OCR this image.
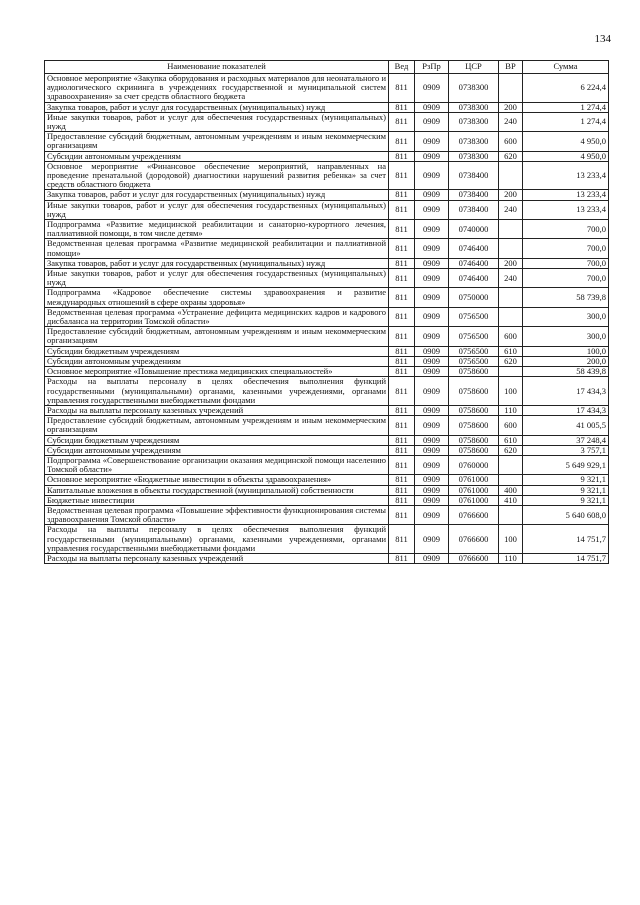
134
Наименование показателей	Вед	РзПр	ЦСР	ВР	Сумма
Основное мероприятие «Закупка оборудования и расходных материалов для неонатального и аудиологического скрининга в учреждениях государственной и муниципальной систем здравоохранения» за счет средств областного бюджета	811	0909	0738300		6 224,4
Закупка товаров, работ и услуг для государственных (муниципальных) нужд	811	0909	0738300	200	1 274,4
Иные закупки товаров, работ и услуг для обеспечения государственных (муниципальных) нужд	811	0909	0738300	240	1 274,4
Предоставление субсидий бюджетным, автономным учреждениям и иным некоммерческим организациям	811	0909	0738300	600	4 950,0
Субсидии автономным учреждениям	811	0909	0738300	620	4 950,0
Основное мероприятие «Финансовое обеспечение мероприятий, направленных на проведение пренатальной (дородовой) диагностики нарушений развития ребенка» за счет средств областного бюджета	811	0909	0738400		13 233,4
Закупка товаров, работ и услуг для государственных (муниципальных) нужд	811	0909	0738400	200	13 233,4
Иные закупки товаров, работ и услуг для обеспечения государственных (муниципальных) нужд	811	0909	0738400	240	13 233,4
Подпрограмма «Развитие медицинской реабилитации и санаторно-курортного лечения, паллиативной помощи, в том числе детям»	811	0909	0740000		700,0
Ведомственная целевая программа «Развитие медицинской реабилитации и паллиативной помощи»	811	0909	0746400		700,0
Закупка товаров, работ и услуг для государственных (муниципальных) нужд	811	0909	0746400	200	700,0
Иные закупки товаров, работ и услуг для обеспечения государственных (муниципальных) нужд	811	0909	0746400	240	700,0
Подпрограмма «Кадровое обеспечение системы здравоохранения и развитие международных отношений в сфере охраны здоровья»	811	0909	0750000		58 739,8
Ведомственная целевая программа «Устранение дефицита медицинских кадров и кадрового дисбаланса на территории Томской области»	811	0909	0756500		300,0
Предоставление субсидий бюджетным, автономным учреждениям и иным некоммерческим организациям	811	0909	0756500	600	300,0
Субсидии бюджетным учреждениям	811	0909	0756500	610	100,0
Субсидии автономным учреждениям	811	0909	0756500	620	200,0
Основное мероприятие «Повышение престижа медицинских специальностей»	811	0909	0758600		58 439,8
Расходы на выплаты персоналу в целях обеспечения выполнения функций государственными (муниципальными) органами, казенными учреждениями, органами управления государственными внебюджетными фондами	811	0909	0758600	100	17 434,3
Расходы на выплаты персоналу казенных учреждений	811	0909	0758600	110	17 434,3
Предоставление субсидий бюджетным, автономным учреждениям и иным некоммерческим организациям	811	0909	0758600	600	41 005,5
Субсидии бюджетным учреждениям	811	0909	0758600	610	37 248,4
Субсидии автономным учреждениям	811	0909	0758600	620	3 757,1
Подпрограмма «Совершенствование организации оказания медицинской помощи населению Томской области»	811	0909	0760000		5 649 929,1
Основное мероприятие «Бюджетные инвестиции в объекты здравоохранения»	811	0909	0761000		9 321,1
Капитальные вложения в объекты государственной (муниципальной) собственности	811	0909	0761000	400	9 321,1
Бюджетные инвестиции	811	0909	0761000	410	9 321,1
Ведомственная целевая программа «Повышение эффективности функционирования системы здравоохранения Томской области»	811	0909	0766600		5 640 608,0
Расходы на выплаты персоналу в целях обеспечения выполнения функций государственными (муниципальными) органами, казенными учреждениями, органами управления государственными внебюджетными фондами	811	0909	0766600	100	14 751,7
Расходы на выплаты персоналу казенных учреждений	811	0909	0766600	110	14 751,7
